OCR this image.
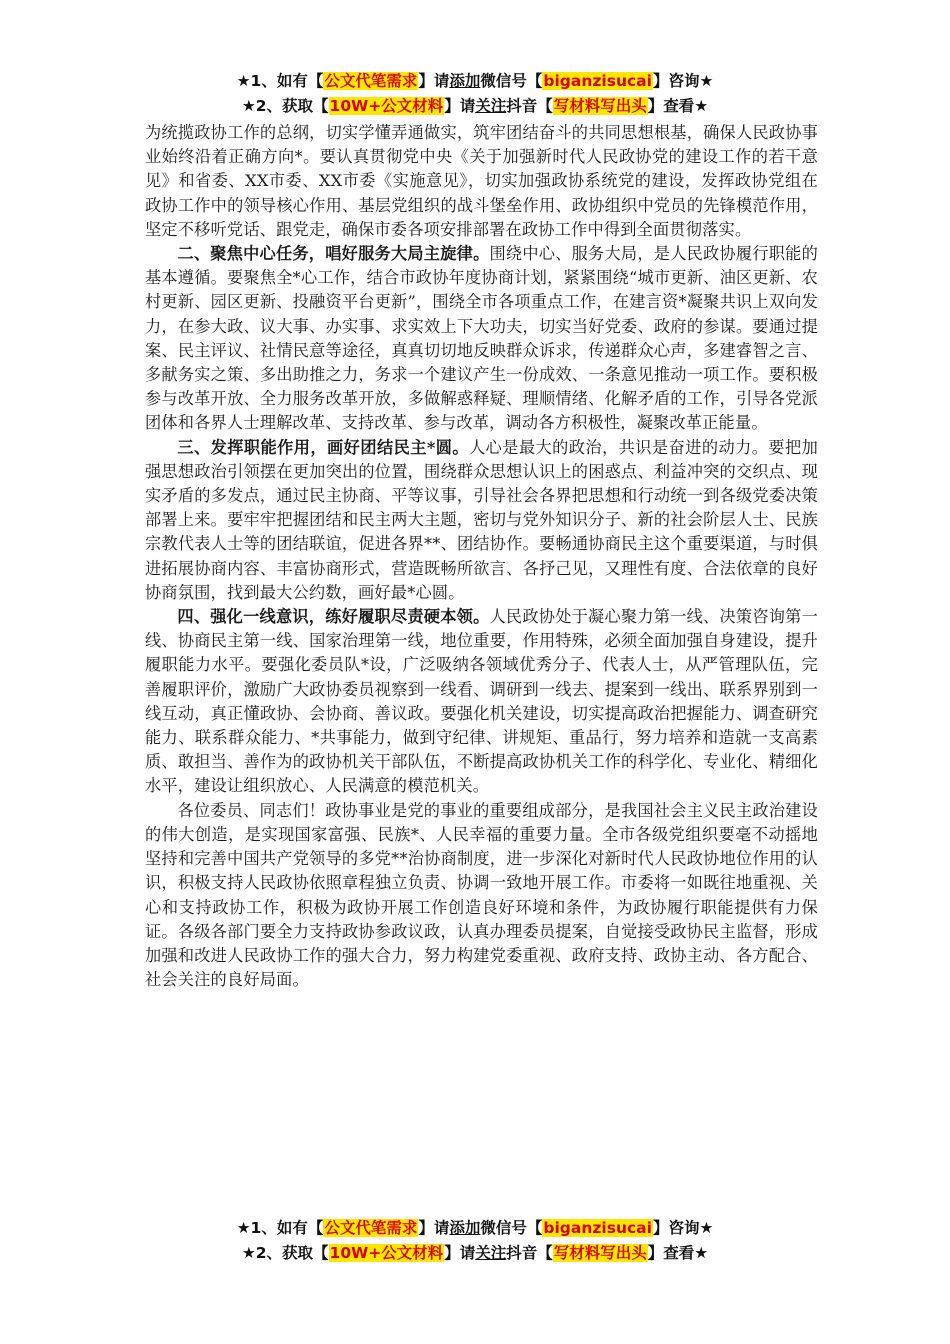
★1、如有【公文代笔需求】请添加微信号【biganzisucai】咨询★
★2、获取【10W+公文材料】请关注抖音【写材料写出头】查看★

为统揽政协工作的总纲，切实学懂弄通做实，筑牢团结奋斗的共同思想根基，确保人民政协事业始终沿着正确方向*。要认真贯彻党中央《关于加强新时代人民政协党的建设工作的若干意见》和省委、XX市委、XX市委《实施意见》，切实加强政协系统党的建设，发挥政协党组在政协工作中的领导核心作用、基层党组织的战斗堡垒作用、政协组织中党员的先锋模范作用，坚定不移听党话、跟党走，确保市委各项安排部署在政协工作中得到全面贯彻落实。

二、聚焦中心任务，唱好服务大局主旋律。围绕中心、服务大局，是人民政协履行职能的基本遵循。要聚焦全*心工作，结合市政协年度协商计划，紧紧围绕“城市更新、油区更新、农村更新、园区更新、投融资平台更新”，围绕全市各项重点工作，在建言资*凝聚共识上双向发力，在参大政、议大事、办实事、求实效上下大功夫，切实当好党委、政府的参谋。要通过提案、民主评议、社情民意等途径，真真切切地反映群众诉求，传递群众心声，多建睿智之言、多献务实之策、多出助推之力，务求一个建议产生一份成效、一条意见推动一项工作。要积极参与改革开放、全力服务改革开放，多做解惑释疑、理顺情绪、化解矛盾的工作，引导各党派团体和各界人士理解改革、支持改革、参与改革，调动各方积极性，凝聚改革正能量。

三、发挥职能作用，画好团结民主*圆。人心是最大的政治，共识是奋进的动力。要把加强思想政治引领摆在更加突出的位置，围绕群众思想认识上的困惑点、利益冲突的交织点、现实矛盾的多发点，通过民主协商、平等议事，引导社会各界把思想和行动统一到各级党委决策部署上来。要牢牢把握团结和民主两大主题，密切与党外知识分子、新的社会阶层人士、民族宗教代表人士等的团结联谊，促进各界**、团结协作。要畅通协商民主这个重要渠道，与时俱进拓展协商内容、丰富协商形式，营造既畅所欲言、各抒己见，又理性有度、合法依章的良好协商氛围，找到最大公约数，画好最*心圆。

四、强化一线意识，练好履职尽责硬本领。人民政协处于凝心聚力第一线、决策咨询第一线、协商民主第一线、国家治理第一线，地位重要，作用特殊，必须全面加强自身建设，提升履职能力水平。要强化委员队*设，广泛吸纳各领域优秀分子、代表人士，从严管理队伍，完善履职评价，激励广大政协委员视察到一线看、调研到一线去、提案到一线出、联系界别到一线互动，真正懂政协、会协商、善议政。要强化机关建设，切实提高政治把握能力、调查研究能力、联系群众能力、*共事能力，做到守纪律、讲规矩、重品行，努力培养和造就一支高素质、敢担当、善作为的政协机关干部队伍，不断提高政协机关工作的科学化、专业化、精细化水平，建设让组织放心、人民满意的模范机关。

各位委员、同志们！政协事业是党的事业的重要组成部分，是我国社会主义民主政治建设的伟大创造，是实现国家富强、民族*、人民幸福的重要力量。全市各级党组织要毫不动摇地坚持和完善中国共产党领导的多党**治协商制度，进一步深化对新时代人民政协地位作用的认识，积极支持人民政协依照章程独立负责、协调一致地开展工作。市委将一如既往地重视、关心和支持政协工作，积极为政协开展工作创造良好环境和条件，为政协履行职能提供有力保证。各级各部门要全力支持政协参政议政，认真办理委员提案，自觉接受政协民主监督，形成加强和改进人民政协工作的强大合力，努力构建党委重视、政府支持、政协主动、各方配合、社会关注的良好局面。

★1、如有【公文代笔需求】请添加微信号【biganzisucai】咨询★
★2、获取【10W+公文材料】请关注抖音【写材料写出头】查看★
